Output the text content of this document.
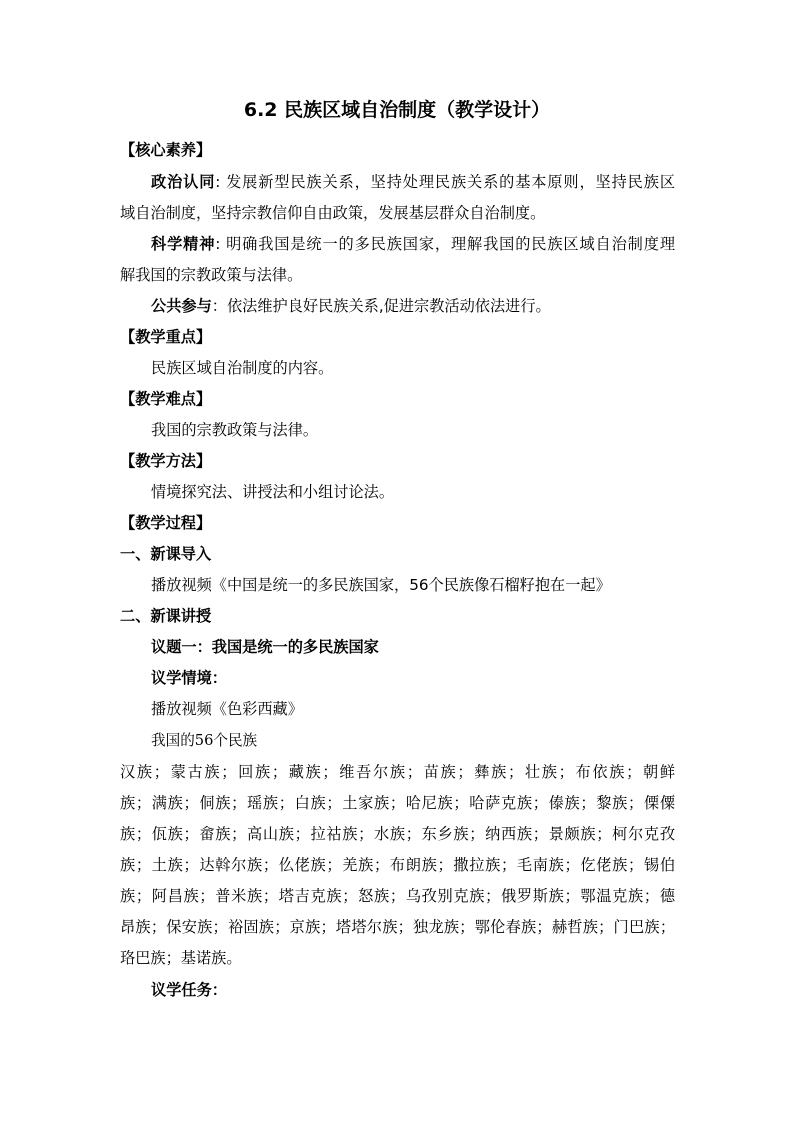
6.2 民族区域自治制度（教学设计）
【核心素养】
政治认同: 发展新型民族关系，坚持处理民族关系的基本原则，坚持民族区
域自治制度，坚持宗教信仰自由政策，发展基层群众自治制度。
科学精神: 明确我国是统一的多民族国家，理解我国的民族区域自治制度理
解我国的宗教政策与法律。
公共参与：依法维护良好民族关系,促进宗教活动依法进行。
【教学重点】
民族区域自治制度的内容。
【教学难点】
我国的宗教政策与法律。
【教学方法】
情境探究法、讲授法和小组讨论法。
【教学过程】
一、新课导入
播放视频《中国是统一的多民族国家，56个民族像石榴籽抱在一起》
二、新课讲授
议题一：我国是统一的多民族国家
议学情境：
播放视频《色彩西藏》
我国的56个民族
汉族；蒙古族；回族；藏族；维吾尔族；苗族；彝族；壮族；布依族；朝鲜
族；满族；侗族；瑶族；白族；土家族；哈尼族；哈萨克族；傣族；黎族；傈僳
族；佤族；畲族；高山族；拉祜族；水族；东乡族；纳西族；景颇族；柯尔克孜
族；土族；达斡尔族；仫佬族；羌族；布朗族；撒拉族；毛南族；仡佬族；锡伯
族；阿昌族；普米族；塔吉克族；怒族；乌孜别克族；俄罗斯族；鄂温克族；德
昂族；保安族；裕固族；京族；塔塔尔族；独龙族；鄂伦春族；赫哲族；门巴族；
珞巴族；基诺族。
议学任务：
